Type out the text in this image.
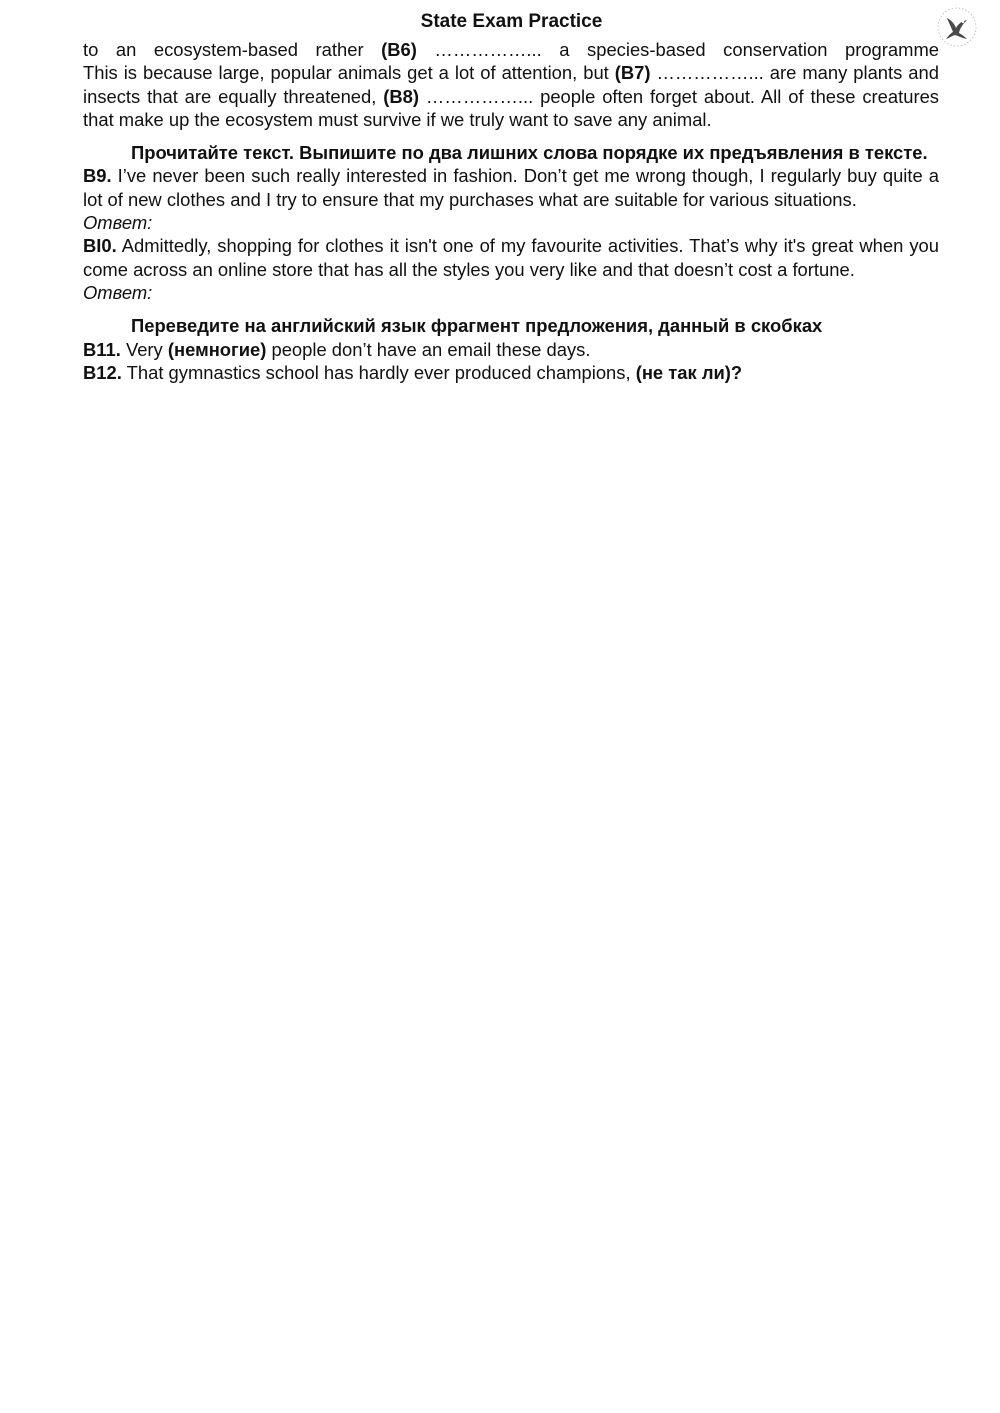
State Exam Practice
to an ecosystem-based rather (B6) ……………... a species-based conservation programme
This is because large, popular animals get a lot of attention, but (B7) ……………... are many plants and insects that are equally threatened, (B8) ……………... people often forget about. All of these creatures that make up the ecosystem must survive if we truly want to save any animal.
Прочитайте текст. Выпишите по два лишних слова порядке их предъявления в тексте.

B9. I’ve never been such really interested in fashion. Don’t get me wrong though, I regularly buy quite a lot of new clothes and I try to ensure that my purchases what are suitable for various situations.

Ответ:

BI0. Admittedly, shopping for clothes it isn't one of my favourite activities. That’s why it's great when you come across an online store that has all the styles you very like and that doesn’t cost a fortune.

Ответ:

Переведите на английский язык фрагмент предложения, данный в скобках

B11. Very (немногие) people don’t have an email these days.

B12. That gymnastics school has hardly ever produced champions, (не так ли)?
